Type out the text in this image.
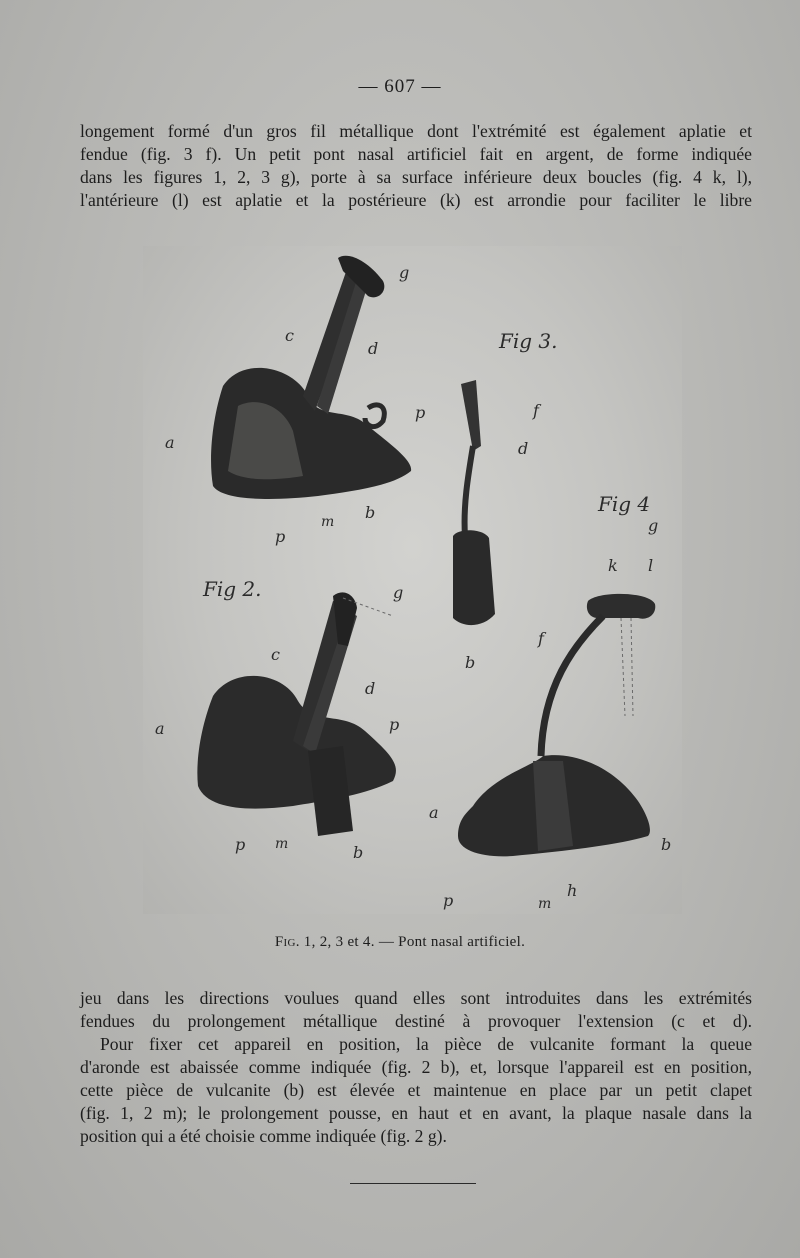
— 607 —
longement formé d'un gros fil métallique dont l'extrémité est également aplatie et
fendue (fig. 3 f). Un petit pont nasal artificiel fait en argent, de forme indiquée
dans les figures 1, 2, 3 g), porte à sa surface inférieure deux boucles (fig. 4 k, l),
l'antérieure (l) est aplatie et la postérieure (k) est arrondie pour faciliter le libre
Fig 3.
Fig 4
Fig 2.
g
c
d
p
a
b
m
p
f
d
b
g
k l
f
g
c
d
a	p
p m	b
a
b
h
p	m
Fig. 1, 2, 3 et 4. — Pont nasal artificiel.
jeu dans les directions voulues quand elles sont introduites dans les extrémités
fendues du prolongement métallique destiné à provoquer l'extension (c et d).
Pour fixer cet appareil en position, la pièce de vulcanite formant la queue
d'aronde est abaissée comme indiquée (fig. 2 b), et, lorsque l'appareil est en position,
cette pièce de vulcanite (b) est élevée et maintenue en place par un petit clapet
(fig. 1, 2 m); le prolongement pousse, en haut et en avant, la plaque nasale dans la
position qui a été choisie comme indiquée (fig. 2 g).
